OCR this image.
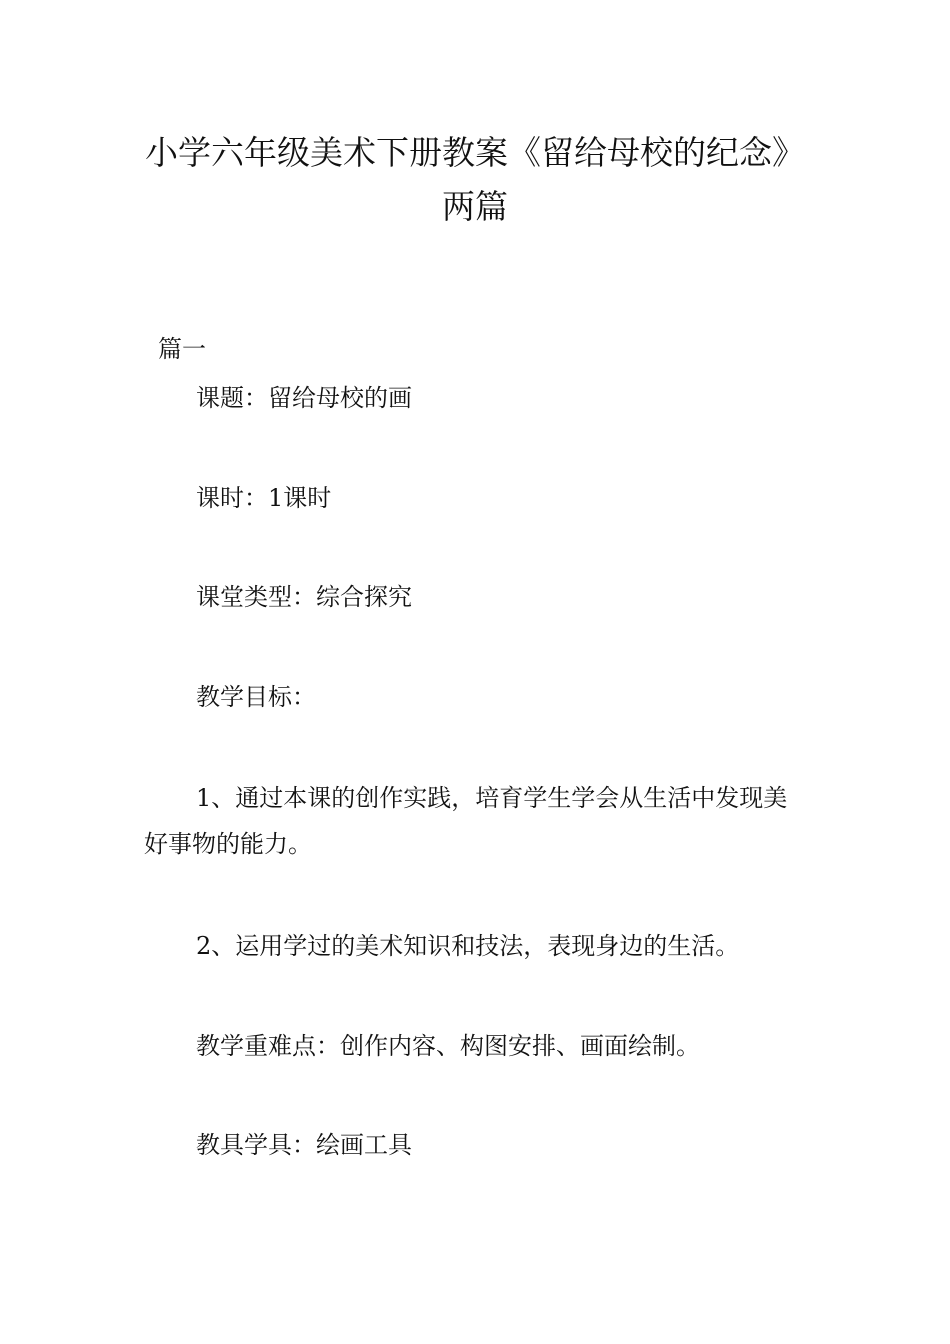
小学六年级美术下册教案《留给母校的纪念》两篇

篇一

课题：留给母校的画

课时：1课时

课堂类型：综合探究

教学目标：

1、通过本课的创作实践，培育学生学会从生活中发现美好事物的能力。

2、运用学过的美术知识和技法，表现身边的生活。

教学重难点：创作内容、构图安排、画面绘制。

教具学具：绘画工具
